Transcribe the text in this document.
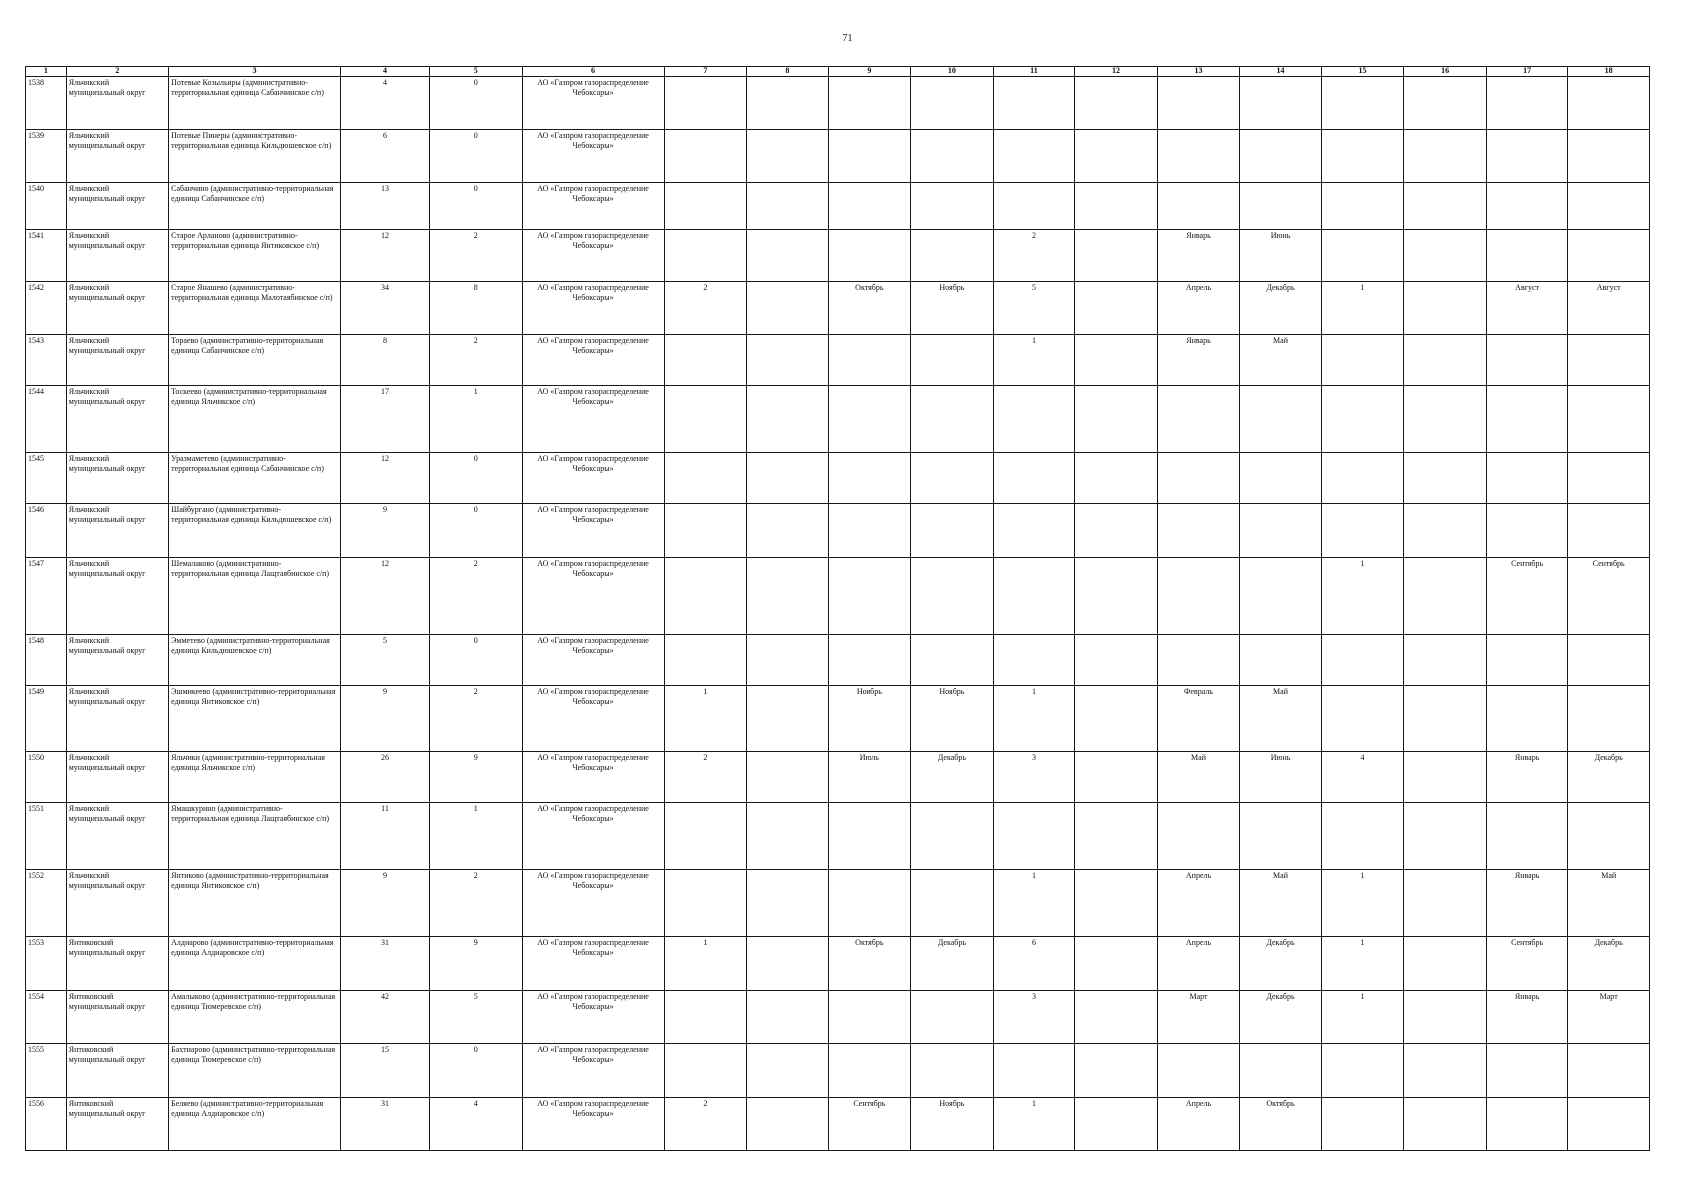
71
1	2	3	4	5	6	7	8	9	10	11	12	13	14	15	16	17	18
1538	Яльчикский муниципальный округ	Потевые Козыльяры (административно-территориальная единица Сабанчинское с/п)	4	0	АО «Газпром газораспределение Чебоксары»												
1539	Яльчикский муниципальный округ	Потевые Пинеры (административно-территориальная единица Кильдюшевское с/п)	6	0	АО «Газпром газораспределение Чебоксары»												
1540	Яльчикский муниципальный округ	Сабанчино (административно-территориальная единица Сабанчинское с/п)	13	0	АО «Газпром газораспределение Чебоксары»												
1541	Яльчикский муниципальный округ	Старое Арланово (административно-территориальная единица Янтиковское с/п)	12	2	АО «Газпром газораспределение Чебоксары»					2		Январь	Июнь				
1542	Яльчикский муниципальный округ	Старое Янашево (административно-территориальная единица Малотаябинское с/п)	34	8	АО «Газпром газораспределение Чебоксары»	2		Октябрь	Ноябрь	5		Апрель	Декабрь	1		Август	Август
1543	Яльчикский муниципальный округ	Тораево (административно-территориальная единица Сабанчинское с/п)	8	2	АО «Газпром газораспределение Чебоксары»					1		Январь	Май				
1544	Яльчикский муниципальный округ	Тоскеево (административно-территориальная единица Яльчикское с/п)	17	1	АО «Газпром газораспределение Чебоксары»												
1545	Яльчикский муниципальный округ	Уразмаметево (административно-территориальная единица Сабанчинское с/п)	12	0	АО «Газпром газораспределение Чебоксары»												
1546	Яльчикский муниципальный округ	Шайбургано (административно-территориальная единица Кильдюшевское с/п)	9	0	АО «Газпром газораспределение Чебоксары»												
1547	Яльчикский муниципальный округ	Шемалаково (административно-территориальная единица Лащтаябинское с/п)	12	2	АО «Газпром газораспределение Чебоксары»									1		Сентябрь	Сентябрь
1548	Яльчикский муниципальный округ	Эмметево (административно-территориальная единица Кильдюшевское с/п)	5	0	АО «Газпром газораспределение Чебоксары»												
1549	Яльчикский муниципальный округ	Эшмикеево (административно-территориальная единица Янтиковское с/п)	9	2	АО «Газпром газораспределение Чебоксары»	1		Ноябрь	Ноябрь	1		Февраль	Май				
1550	Яльчикский муниципальный округ	Яльчики (административно-территориальная единица Яльчикское с/п)	26	9	АО «Газпром газораспределение Чебоксары»	2		Июль	Декабрь	3		Май	Июнь	4		Январь	Декабрь
1551	Яльчикский муниципальный округ	Ямашкурино (административно-территориальная единица Лащтаябинское с/п)	11	1	АО «Газпром газораспределение Чебоксары»												
1552	Яльчикский муниципальный округ	Янтиково (административно-территориальная единица Янтиковское с/п)	9	2	АО «Газпром газораспределение Чебоксары»					1		Апрель	Май	1		Январь	Май
1553	Янтиковский муниципальный округ	Алдиарово (административно-территориальная единица Алдиаровское с/п)	31	9	АО «Газпром газораспределение Чебоксары»	1		Октябрь	Декабрь	6		Апрель	Декабрь	1		Сентябрь	Декабрь
1554	Янтиковский муниципальный округ	Амалыково (административно-территориальная единица Тюмеревское с/п)	42	5	АО «Газпром газораспределение Чебоксары»					3		Март	Декабрь	1		Январь	Март
1555	Янтиковский муниципальный округ	Бахтиарово (административно-территориальная единица Тюмеревское с/п)	15	0	АО «Газпром газораспределение Чебоксары»												
1556	Янтиковский муниципальный округ	Беляево (административно-территориальная единица Алдиаровское с/п)	31	4	АО «Газпром газораспределение Чебоксары»	2		Сентябрь	Ноябрь	1		Апрель	Октябрь				
